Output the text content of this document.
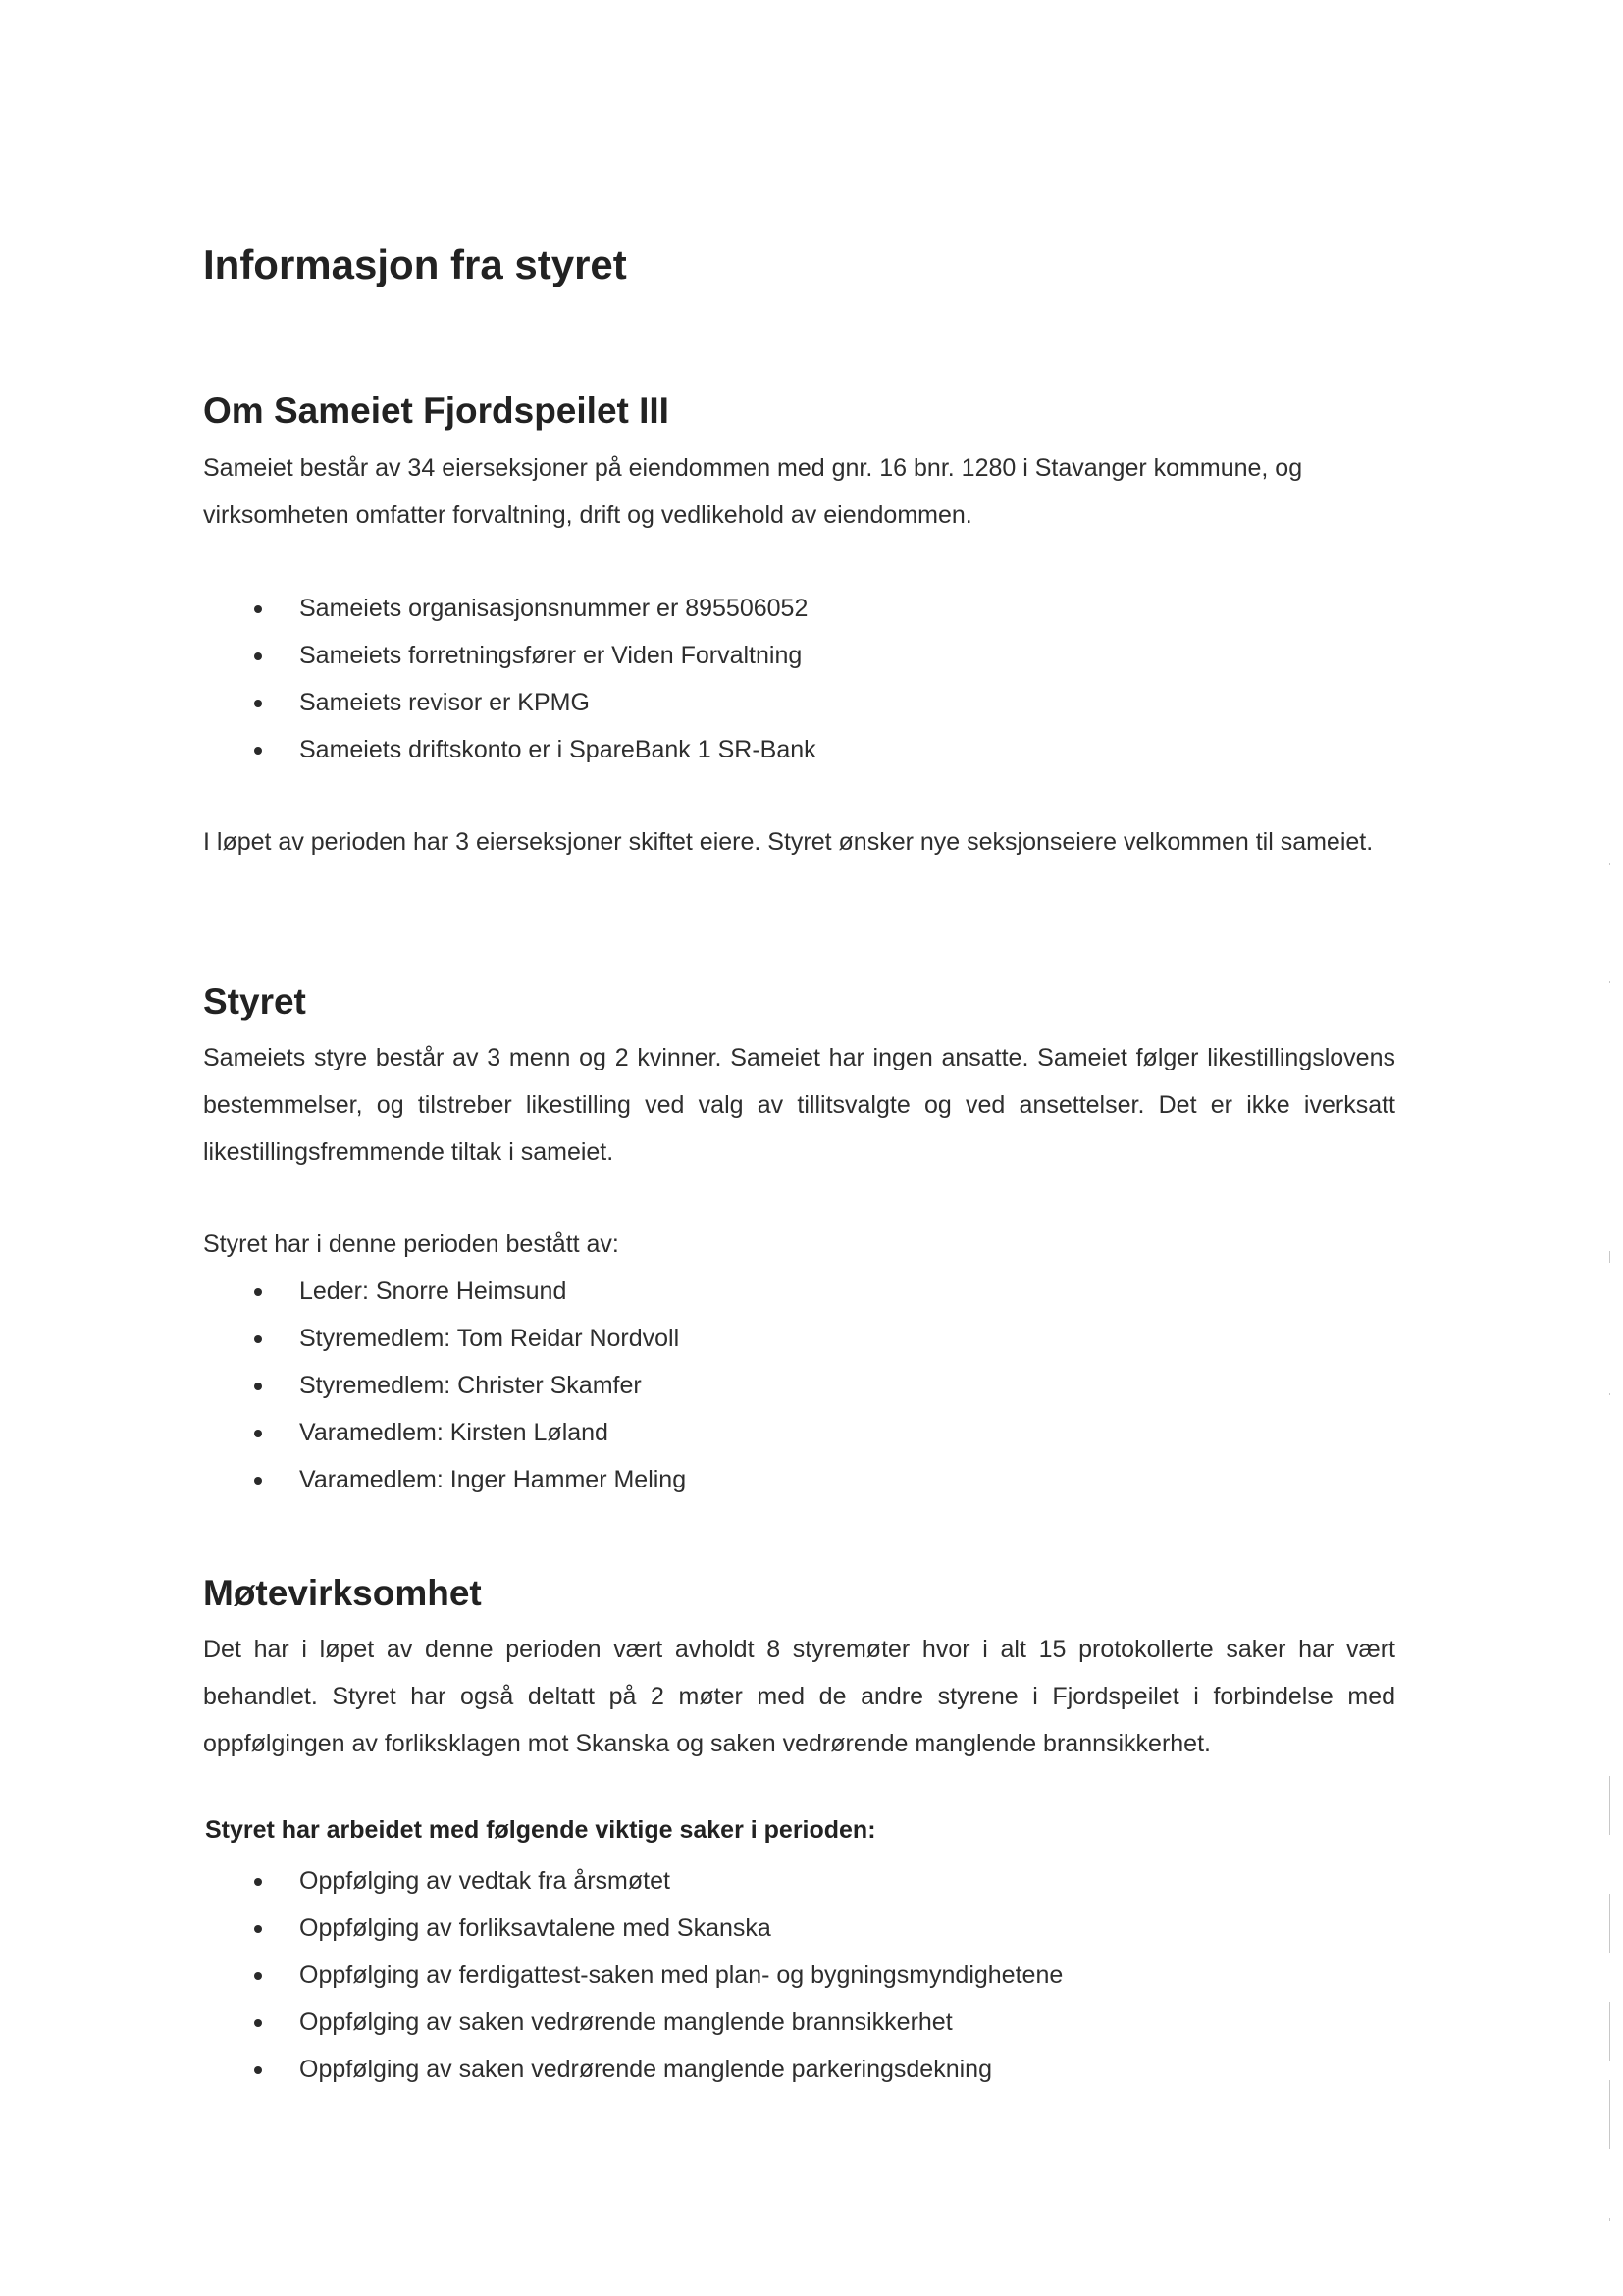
Informasjon fra styret
Om Sameiet Fjordspeilet III

Sameiet består av 34 eierseksjoner på eiendommen med gnr. 16 bnr. 1280 i Stavanger kommune, og virksomheten omfatter forvaltning, drift og vedlikehold av eiendommen.

Sameiets organisasjonsnummer er 895506052
Sameiets forretningsfører er Viden Forvaltning
Sameiets revisor er KPMG
Sameiets driftskonto er i SpareBank 1 SR-Bank

I løpet av perioden har 3 eierseksjoner skiftet eiere. Styret ønsker nye seksjonseiere velkommen til sameiet.

Styret

Sameiets styre består av 3 menn og 2 kvinner. Sameiet har ingen ansatte. Sameiet følger likestillingslovens bestemmelser, og tilstreber likestilling ved valg av tillitsvalgte og ved ansettelser. Det er ikke iverksatt likestillingsfremmende tiltak i sameiet.

Styret har i denne perioden bestått av:

Leder: Snorre Heimsund
Styremedlem: Tom Reidar Nordvoll
Styremedlem: Christer Skamfer
Varamedlem: Kirsten Løland
Varamedlem: Inger Hammer Meling
Møtevirksomhet

Det har i løpet av denne perioden vært avholdt 8 styremøter hvor i alt 15 protokollerte saker har vært behandlet. Styret har også deltatt på 2 møter med de andre styrene i Fjordspeilet i forbindelse med oppfølgingen av forliksklagen mot Skanska og saken vedrørende manglende brannsikkerhet.

Styret har arbeidet med følgende viktige saker i perioden:
Oppfølging av vedtak fra årsmøtet
Oppfølging av forliksavtalene med Skanska
Oppfølging av ferdigattest-saken med plan- og bygningsmyndighetene
Oppfølging av saken vedrørende manglende brannsikkerhet
Oppfølging av saken vedrørende manglende parkeringsdekning
